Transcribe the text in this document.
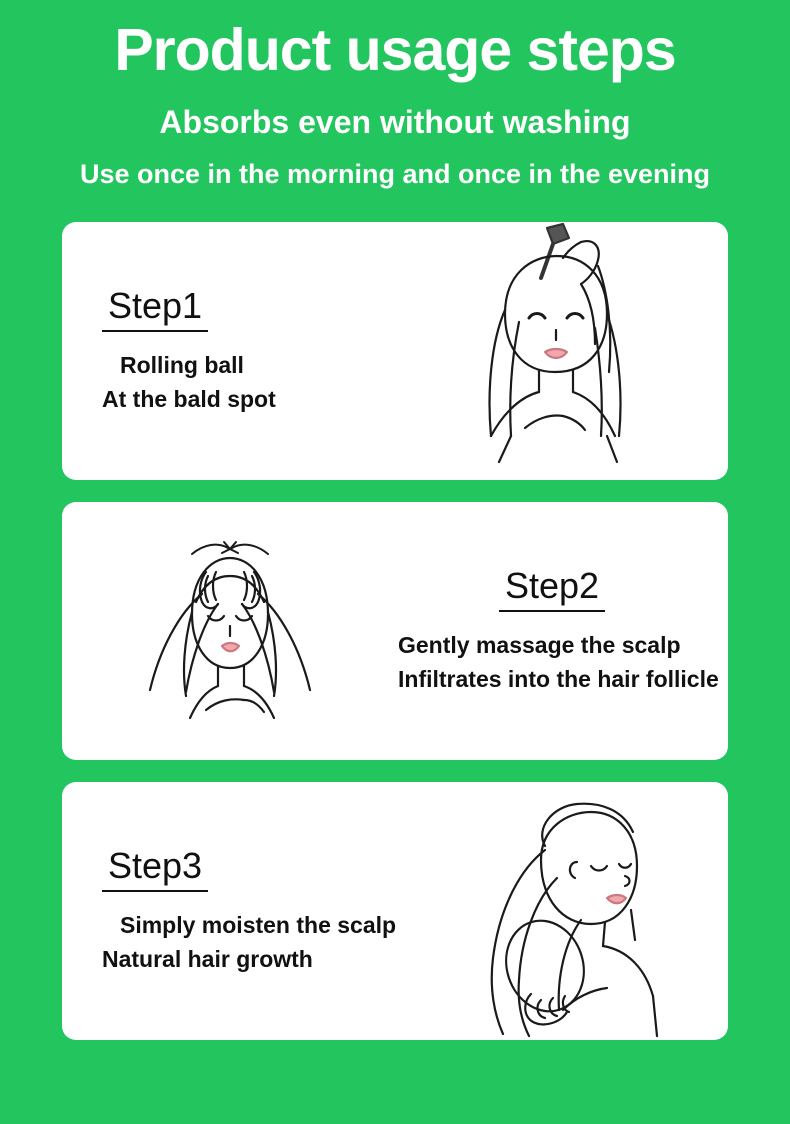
Product usage steps
Absorbs even without washing
Use once in the morning and once in the evening
Step1
Rolling ball
At the bald spot
Step2
Gently massage the scalp
Infiltrates into the hair follicle
Step3
Simply moisten the scalp
Natural hair growth
